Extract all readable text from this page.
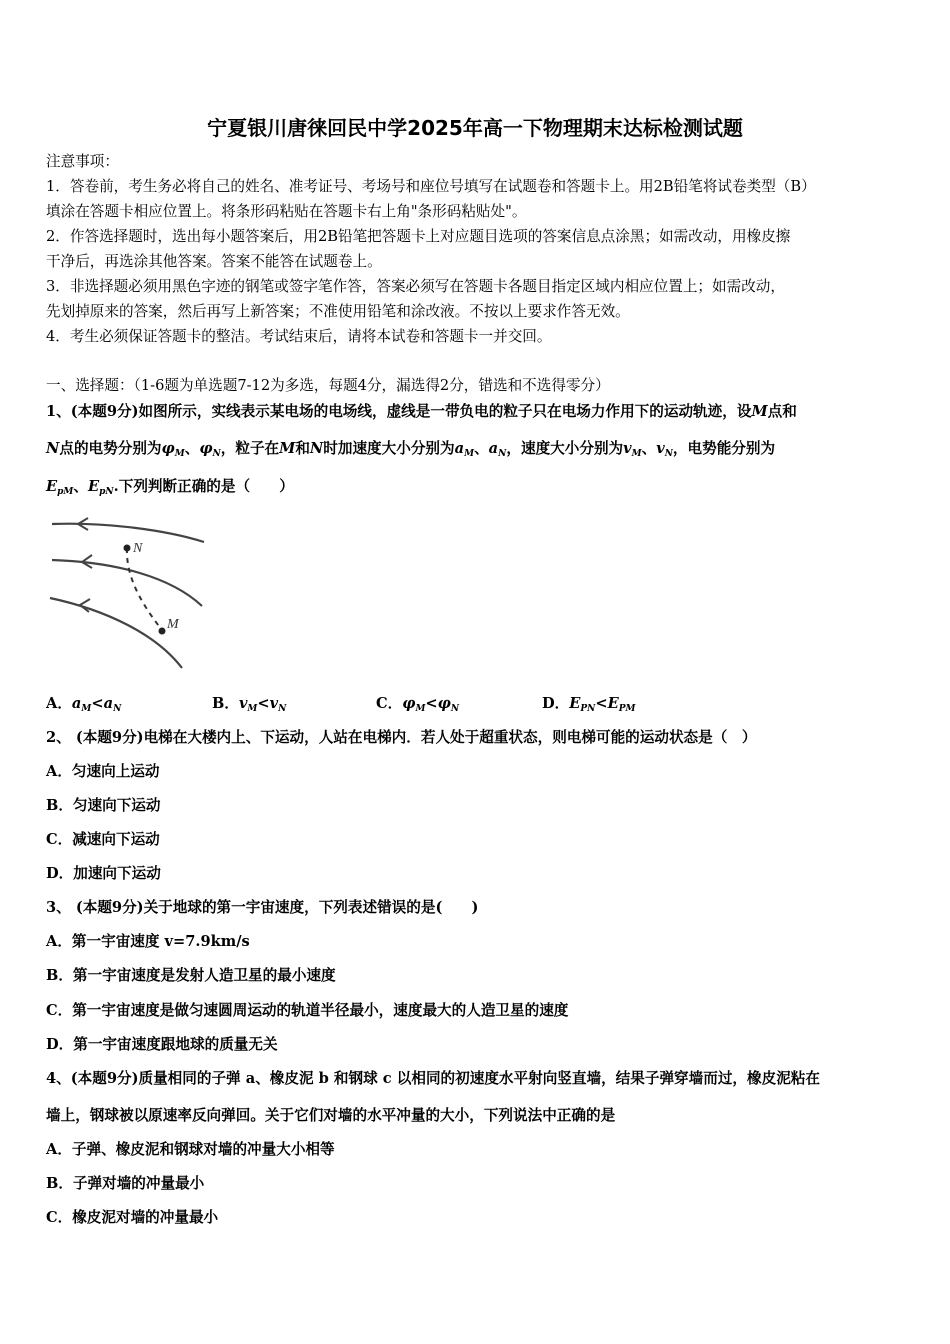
宁夏银川唐徕回民中学2025年高一下物理期末达标检测试题
注意事项：
1．答卷前，考生务必将自己的姓名、准考证号、考场号和座位号填写在试题卷和答题卡上。用2B铅笔将试卷类型（B）
填涂在答题卡相应位置上。将条形码粘贴在答题卡右上角"条形码粘贴处"。
2．作答选择题时，选出每小题答案后，用2B铅笔把答题卡上对应题目选项的答案信息点涂黑；如需改动，用橡皮擦
干净后，再选涂其他答案。答案不能答在试题卷上。
3．非选择题必须用黑色字迹的钢笔或签字笔作答，答案必须写在答题卡各题目指定区域内相应位置上；如需改动，
先划掉原来的答案，然后再写上新答案；不准使用铅笔和涂改液。不按以上要求作答无效。
4．考生必须保证答题卡的整洁。考试结束后，请将本试卷和答题卡一并交回。
一、选择题：（1-6题为单选题7-12为多选，每题4分，漏选得2分，错选和不选得零分）
1、(本题9分)如图所示，实线表示某电场的电场线，虚线是一带负电的粒子只在电场力作用下的运动轨迹，设M点和
N点的电势分别为$\varphi_M$、$\varphi_N$，粒子在M和N时加速度大小分别为$a_M$、$a_N$，速度大小分别为$v_M$、$v_N$，电势能分别为
$E_{pM}$、$E_{pN}$.下列判断正确的是（　　）
N
M
A．$a_M<a_N$	B．$v_M<v_N$	C．$\varphi_M<\varphi_N$	D．$E_{PN}<E_{PM}$
2、 (本题9分)电梯在大楼内上、下运动，人站在电梯内．若人处于超重状态，则电梯可能的运动状态是（　）
A．匀速向上运动
B．匀速向下运动
C．减速向下运动
D．加速向下运动
3、 (本题9分)关于地球的第一宇宙速度，下列表述错误的是(　　)
A．第一宇宙速度 v=7.9km/s
B．第一宇宙速度是发射人造卫星的最小速度
C．第一宇宙速度是做匀速圆周运动的轨道半径最小，速度最大的人造卫星的速度
D．第一宇宙速度跟地球的质量无关
4、(本题9分)质量相同的子弹 a、橡皮泥 b 和钢球 c 以相同的初速度水平射向竖直墙，结果子弹穿墙而过，橡皮泥粘在
墙上，钢球被以原速率反向弹回。关于它们对墙的水平冲量的大小，下列说法中正确的是
A．子弹、橡皮泥和钢球对墙的冲量大小相等
B．子弹对墙的冲量最小
C．橡皮泥对墙的冲量最小
